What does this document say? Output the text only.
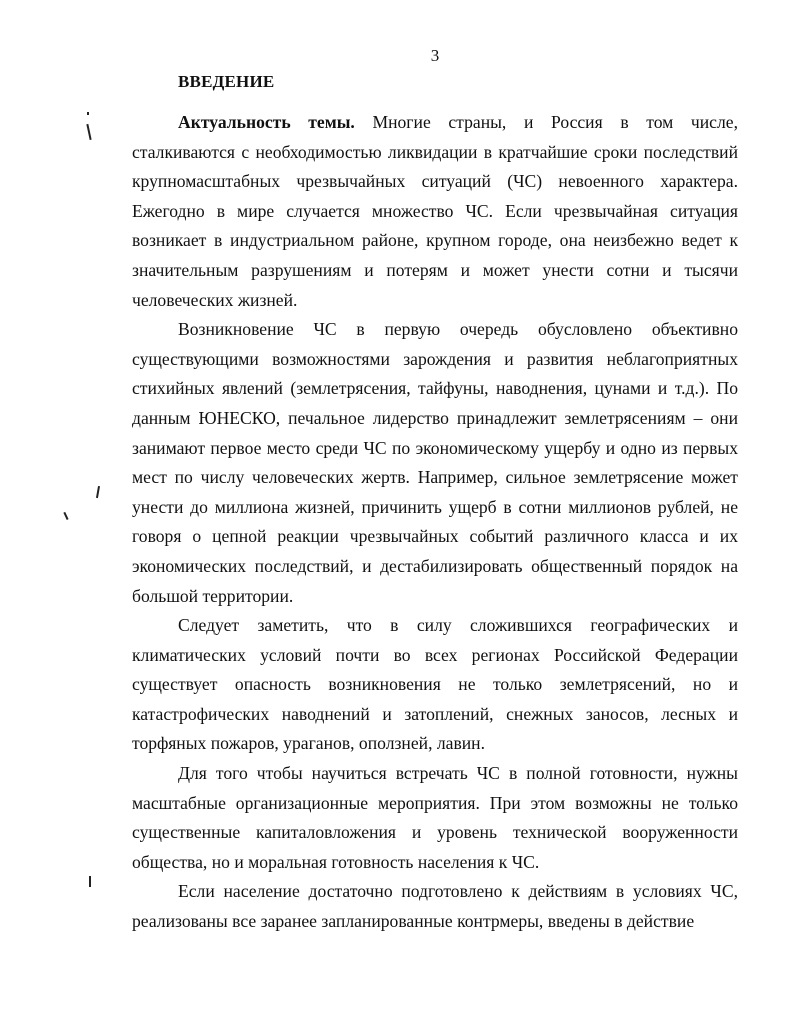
3
ВВЕДЕНИЕ

Актуальность темы. Многие страны, и Россия в том числе, сталкиваются с необходимостью ликвидации в кратчайшие сроки последствий крупномасштабных чрезвычайных ситуаций (ЧС) невоенного характера. Ежегодно в мире случается множество ЧС. Если чрезвычайная ситуация возникает в индустриальном районе, крупном городе, она неизбежно ведет к значительным разрушениям и потерям и может унести сотни и тысячи человеческих жизней.

Возникновение ЧС в первую очередь обусловлено объективно существующими возможностями зарождения и развития неблагоприятных стихийных явлений (землетрясения, тайфуны, наводнения, цунами и т.д.). По данным ЮНЕСКО, печальное лидерство принадлежит землетрясениям – они занимают первое место среди ЧС по экономическому ущербу и одно из первых мест по числу человеческих жертв. Например, сильное землетрясение может унести до миллиона жизней, причинить ущерб в сотни миллионов рублей, не говоря о цепной реакции чрезвычайных событий различного класса и их экономических последствий, и дестабилизировать общественный порядок на большой территории.

Следует заметить, что в силу сложившихся географических и климатических условий почти во всех регионах Российской Федерации существует опасность возникновения не только землетрясений, но и катастрофических наводнений и затоплений, снежных заносов, лесных и торфяных пожаров, ураганов, оползней, лавин.

Для того чтобы научиться встречать ЧС в полной готовности, нужны масштабные организационные мероприятия. При этом возможны не только существенные капиталовложения и уровень технической вооруженности общества, но и моральная готовность населения к ЧС.

Если население достаточно подготовлено к действиям в условиях ЧС, реализованы все заранее запланированные контрмеры, введены в действие
